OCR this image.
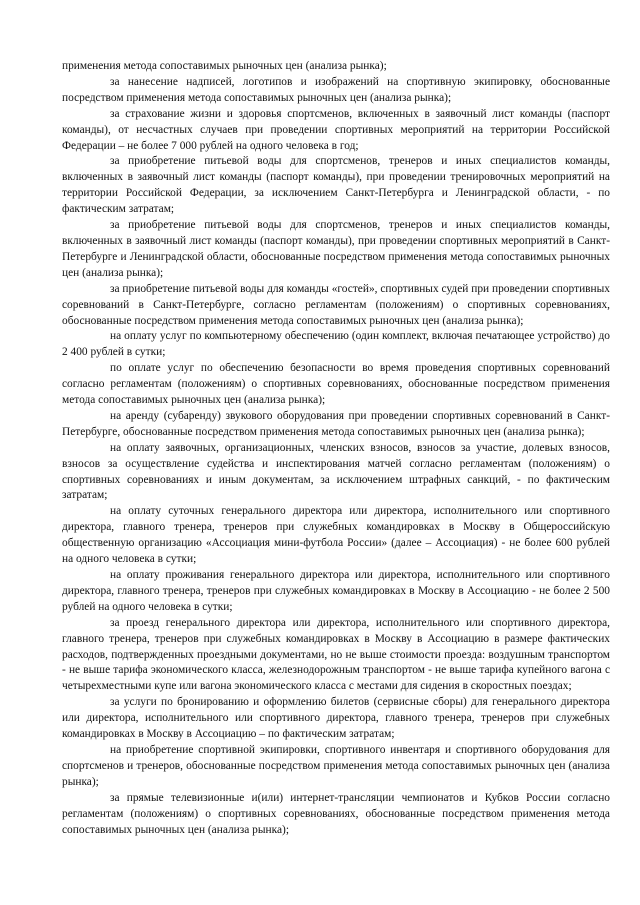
применения метода сопоставимых рыночных цен (анализа рынка);

за нанесение надписей, логотипов и изображений на спортивную экипировку, обоснованные посредством применения метода сопоставимых рыночных цен (анализа рынка);

за страхование жизни и здоровья спортсменов, включенных в заявочный лист команды (паспорт команды), от несчастных случаев при проведении спортивных мероприятий на территории Российской Федерации – не более 7 000 рублей на одного человека в год;

за приобретение питьевой воды для спортсменов, тренеров и иных специалистов команды, включенных в заявочный лист команды (паспорт команды), при проведении тренировочных мероприятий на территории Российской Федерации, за исключением Санкт-Петербурга и Ленинградской области, - по фактическим затратам;

за приобретение питьевой воды для спортсменов, тренеров и иных специалистов команды, включенных в заявочный лист команды (паспорт команды), при проведении спортивных мероприятий в Санкт-Петербурге и Ленинградской области, обоснованные посредством применения метода сопоставимых рыночных цен (анализа рынка);

за приобретение питьевой воды для команды «гостей», спортивных судей при проведении спортивных соревнований в Санкт-Петербурге, согласно регламентам (положениям) о спортивных соревнованиях, обоснованные посредством применения метода сопоставимых рыночных цен (анализа рынка);

на оплату услуг по компьютерному обеспечению (один комплект, включая печатающее устройство) до 2 400 рублей в сутки;

по оплате услуг по обеспечению безопасности во время проведения спортивных соревнований согласно регламентам (положениям) о спортивных соревнованиях, обоснованные посредством применения метода сопоставимых рыночных цен (анализа рынка);

на аренду (субаренду) звукового оборудования при проведении спортивных соревнований в Санкт-Петербурге, обоснованные посредством применения метода сопоставимых рыночных цен (анализа рынка);

на оплату заявочных, организационных, членских взносов, взносов за участие, долевых взносов, взносов за осуществление судейства и инспектирования матчей согласно регламентам (положениям) о спортивных соревнованиях и иным документам, за исключением штрафных санкций, - по фактическим затратам;

на оплату суточных генерального директора или директора, исполнительного или спортивного директора, главного тренера, тренеров при служебных командировках в Москву в Общероссийскую общественную организацию «Ассоциация мини-футбола России» (далее – Ассоциация) - не более 600 рублей на одного человека в сутки;

на оплату проживания генерального директора или директора, исполнительного или спортивного директора, главного тренера, тренеров при служебных командировках в Москву в Ассоциацию - не более 2 500 рублей на одного человека в сутки;

за проезд генерального директора или директора, исполнительного или спортивного директора, главного тренера, тренеров при служебных командировках в Москву в Ассоциацию в размере фактических расходов, подтвержденных проездными документами, но не выше стоимости проезда: воздушным транспортом - не выше тарифа экономического класса, железнодорожным транспортом - не выше тарифа купейного вагона с четырехместными купе или вагона экономического класса с местами для сидения в скоростных поездах;

за услуги по бронированию и оформлению билетов (сервисные сборы) для генерального директора или директора, исполнительного или спортивного директора, главного тренера, тренеров при служебных командировках в Москву в Ассоциацию – по фактическим затратам;

на приобретение спортивной экипировки, спортивного инвентаря и спортивного оборудования для спортсменов и тренеров, обоснованные посредством применения метода сопоставимых рыночных цен (анализа рынка);

за прямые телевизионные и(или) интернет-трансляции чемпионатов и Кубков России согласно регламентам (положениям) о спортивных соревнованиях, обоснованные посредством применения метода сопоставимых рыночных цен (анализа рынка);
